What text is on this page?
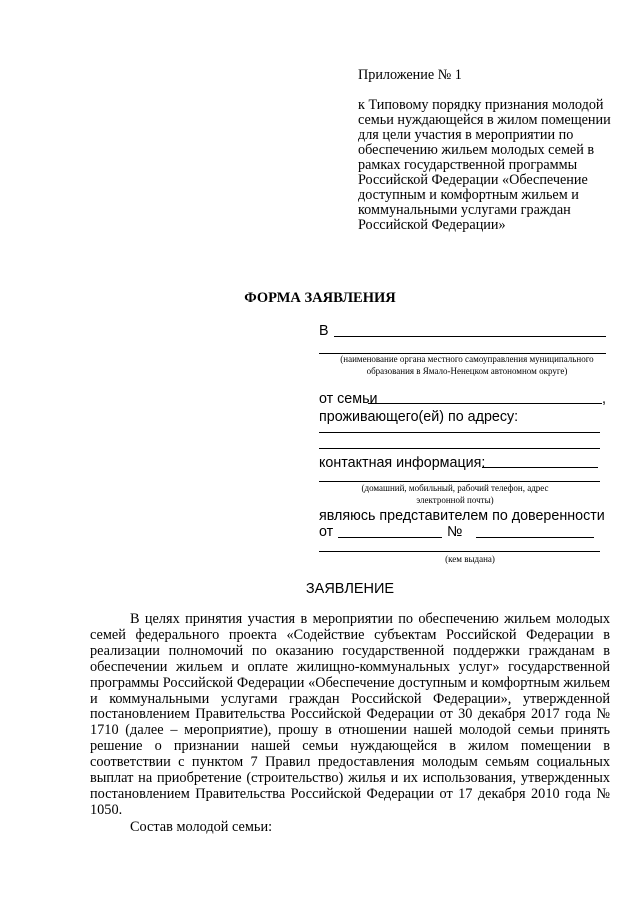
Приложение № 1
к Типовому порядку признания молодой семьи нуждающейся в жилом помещении для цели участия в мероприятии по обеспечению жильем молодых семей в рамках государственной программы Российской Федерации «Обеспечение доступным и комфортным жильем и коммунальными услугами граждан Российской Федерации»
ФОРМА ЗАЯВЛЕНИЯ
В
(наименование органа местного самоуправления муниципального образования в Ямало-Ненецком автономном округе)
от семьи	,
проживающего(ей) по адресу:
контактная информация:
(домашний, мобильный, рабочий телефон, адрес электронной почты)
являюсь представителем по доверенности
от	№
(кем выдана)
ЗАЯВЛЕНИЕ
В целях принятия участия в мероприятии по обеспечению жильем молодых семей федерального проекта «Содействие субъектам Российской Федерации в реализации полномочий по оказанию государственной поддержки гражданам в обеспечении жильем и оплате жилищно-коммунальных услуг» государственной программы Российской Федерации «Обеспечение доступным и комфортным жильем и коммунальными услугами граждан Российской Федерации», утвержденной постановлением Правительства Российской Федерации от 30 декабря 2017 года № 1710 (далее – мероприятие), прошу в отношении нашей молодой семьи принять решение о признании нашей семьи нуждающейся в жилом помещении в соответствии с пунктом 7 Правил предоставления молодым семьям социальных выплат на приобретение (строительство) жилья и их использования, утвержденных постановлением Правительства Российской Федерации от 17 декабря 2010 года № 1050.
Состав молодой семьи:
